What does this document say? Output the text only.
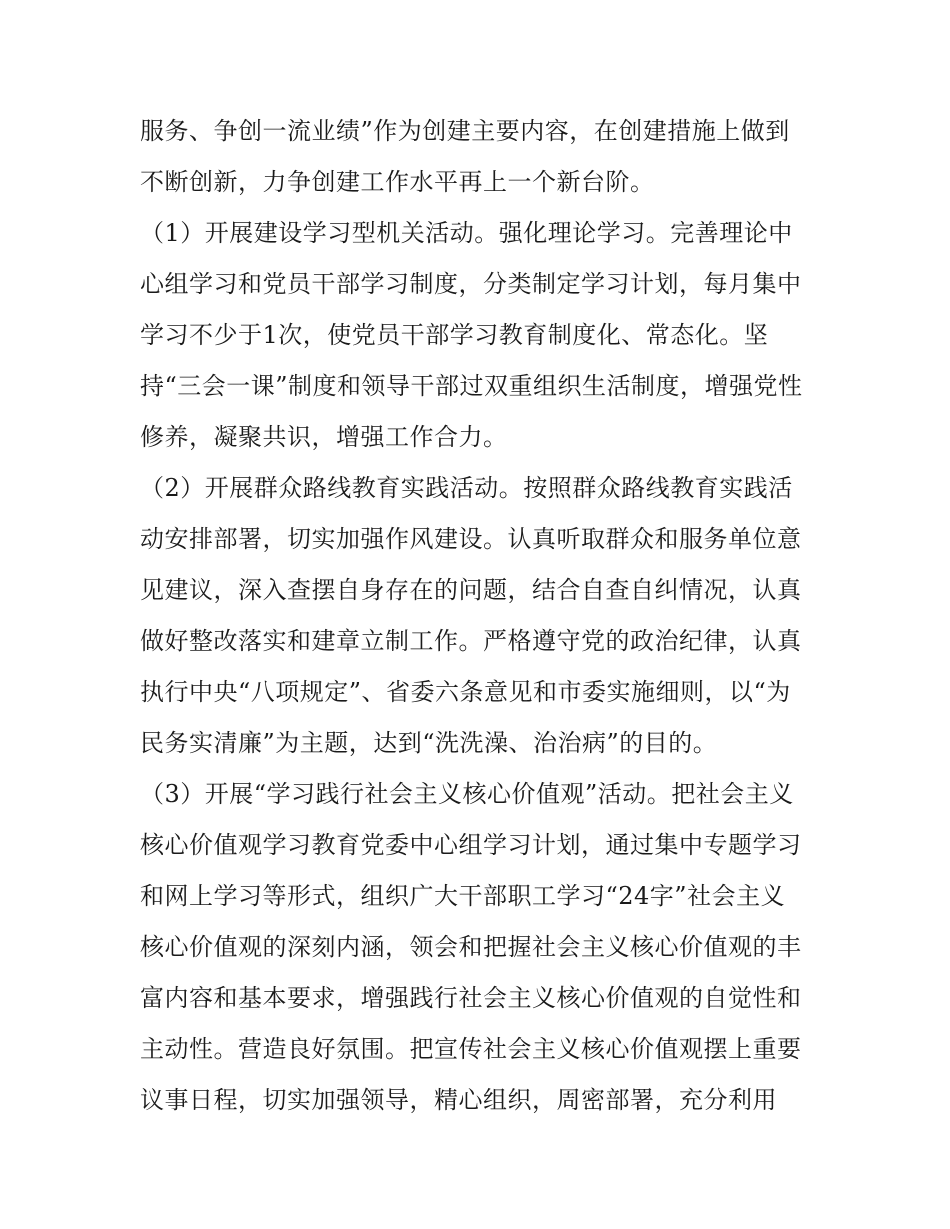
服务、争创一流业绩”作为创建主要内容，在创建措施上做到
不断创新，力争创建工作水平再上一个新台阶。
（1）开展建设学习型机关活动。强化理论学习。完善理论中
心组学习和党员干部学习制度，分类制定学习计划，每月集中
学习不少于1次，使党员干部学习教育制度化、常态化。坚
持“三会一课”制度和领导干部过双重组织生活制度，增强党性
修养，凝聚共识，增强工作合力。
（2）开展群众路线教育实践活动。按照群众路线教育实践活
动安排部署，切实加强作风建设。认真听取群众和服务单位意
见建议，深入查摆自身存在的问题，结合自查自纠情况，认真
做好整改落实和建章立制工作。严格遵守党的政治纪律，认真
执行中央“八项规定”、省委六条意见和市委实施细则，以“为
民务实清廉”为主题，达到“洗洗澡、治治病”的目的。
（3）开展“学习践行社会主义核心价值观”活动。把社会主义
核心价值观学习教育党委中心组学习计划，通过集中专题学习
和网上学习等形式，组织广大干部职工学习“24字”社会主义
核心价值观的深刻内涵，领会和把握社会主义核心价值观的丰
富内容和基本要求，增强践行社会主义核心价值观的自觉性和
主动性。营造良好氛围。把宣传社会主义核心价值观摆上重要
议事日程，切实加强领导，精心组织，周密部署，充分利用
